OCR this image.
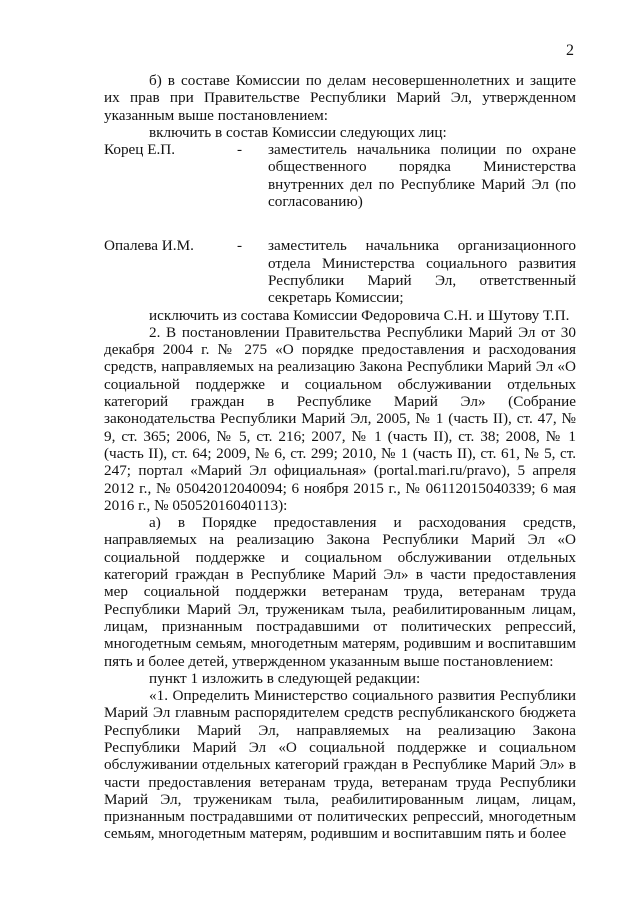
2

б) в составе Комиссии по делам несовершеннолетних и защите их прав при Правительстве Республики Марий Эл, утвержденном указанным выше постановлением:

включить в состав Комиссии следующих лиц:

Корец Е.П.	-	заместитель начальника полиции по охране общественного порядка Министерства внутренних дел по Республике Марий Эл (по согласованию)

Опалева И.М.	-	заместитель начальника организационного отдела Министерства социального развития Республики Марий Эл, ответственный секретарь Комиссии;

исключить из состава Комиссии Федоровича С.Н. и Шутову Т.П.

2. В постановлении Правительства Республики Марий Эл от 30 декабря 2004 г. № 275 «О порядке предоставления и расходования средств, направляемых на реализацию Закона Республики Марий Эл «О социальной поддержке и социальном обслуживании отдельных категорий граждан в Республике Марий Эл» (Собрание законодательства Республики Марий Эл, 2005, № 1 (часть II), ст. 47, № 9, ст. 365; 2006, № 5, ст. 216; 2007, № 1 (часть II), ст. 38; 2008, № 1 (часть II), ст. 64; 2009, № 6, ст. 299; 2010, № 1 (часть II), ст. 61, № 5, ст. 247; портал «Марий Эл официальная» (portal.mari.ru/pravo), 5 апреля 2012 г., № 05042012040094; 6 ноября 2015 г., № 06112015040339; 6 мая 2016 г., № 05052016040113):

а) в Порядке предоставления и расходования средств, направляемых на реализацию Закона Республики Марий Эл «О социальной поддержке и социальном обслуживании отдельных категорий граждан в Республике Марий Эл» в части предоставления мер социальной поддержки ветеранам труда, ветеранам труда Республики Марий Эл, труженикам тыла, реабилитированным лицам, лицам, признанным пострадавшими от политических репрессий, многодетным семьям, многодетным матерям, родившим и воспитавшим пять и более детей, утвержденном указанным выше постановлением:

пункт 1 изложить в следующей редакции:

«1. Определить Министерство социального развития Республики Марий Эл главным распорядителем средств республиканского бюджета Республики Марий Эл, направляемых на реализацию Закона Республики Марий Эл «О социальной поддержке и социальном обслуживании отдельных категорий граждан в Республике Марий Эл» в части предоставления ветеранам труда, ветеранам труда Республики Марий Эл, труженикам тыла, реабилитированным лицам, лицам, признанным пострадавшими от политических репрессий, многодетным семьям, многодетным матерям, родившим и воспитавшим пять и более
